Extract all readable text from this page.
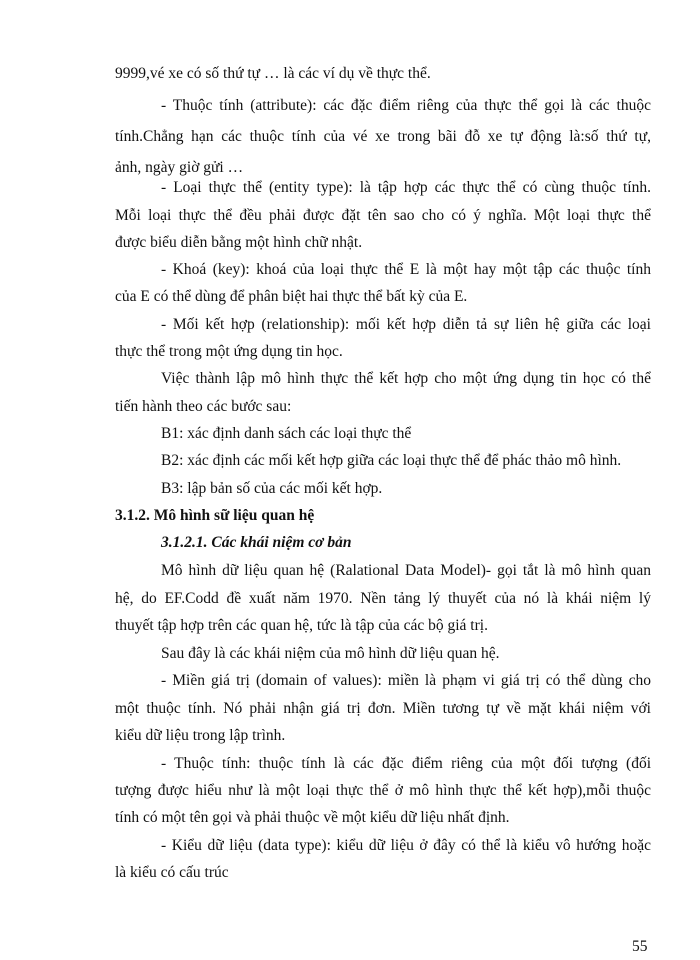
9999,vé xe có số thứ tự … là các ví dụ về thực thể.

- Thuộc tính (attribute): các đặc điểm riêng của thực thể gọi là các thuộc

tính.Chẳng hạn các thuộc tính của vé xe trong bãi đỗ xe tự động là:số thứ tự,

ảnh, ngày giờ gửi …

- Loại thực thể (entity type): là tập hợp các thực thể có cùng thuộc tính.

Mỗi loại thực thể đều phải được đặt tên sao cho có ý nghĩa. Một loại thực thể

được biểu diễn bằng một hình chữ nhật.

- Khoá (key): khoá của loại thực thể E là một hay một tập các thuộc tính

của E có thể dùng để phân biệt hai thực thể bất kỳ của E.

- Mối kết hợp (relationship): mối kết hợp diễn tả sự liên hệ giữa các loại

thực thể trong một ứng dụng tin học.

Việc thành lập mô hình thực thể kết hợp cho một ứng dụng tin học có thể

tiến hành theo các bước sau:

B1: xác định danh sách các loại thực thể

B2: xác định các mối kết hợp giữa các loại thực thể để phác thảo mô hình.

B3: lập bản số của các mối kết hợp.

3.1.2. Mô hình sữ liệu quan hệ

3.1.2.1. Các khái niệm cơ bản

Mô hình dữ liệu quan hệ (Ralational Data Model)- gọi tắt là mô hình quan

hệ, do EF.Codd đề xuất năm 1970. Nền tảng lý thuyết của nó là khái niệm lý

thuyết tập hợp trên các quan hệ, tức là tập của các bộ giá trị.

Sau đây là các khái niệm của mô hình dữ liệu quan hệ.

- Miền giá trị (domain of values): miền là phạm vi giá trị có thể dùng cho

một thuộc tính. Nó phải nhận giá trị đơn. Miền tương tự về mặt khái niệm với

kiểu dữ liệu trong lập trình.

- Thuộc tính: thuộc tính là các đặc điểm riêng của một đối tượng (đối

tượng được hiểu như là một loại thực thể ở mô hình thực thể kết hợp),mỗi thuộc

tính có một tên gọi và phải thuộc về một kiểu dữ liệu nhất định.

- Kiểu dữ liệu (data type): kiểu dữ liệu ở đây có thể là kiểu vô hướng hoặc

là kiểu có cấu trúc

55
